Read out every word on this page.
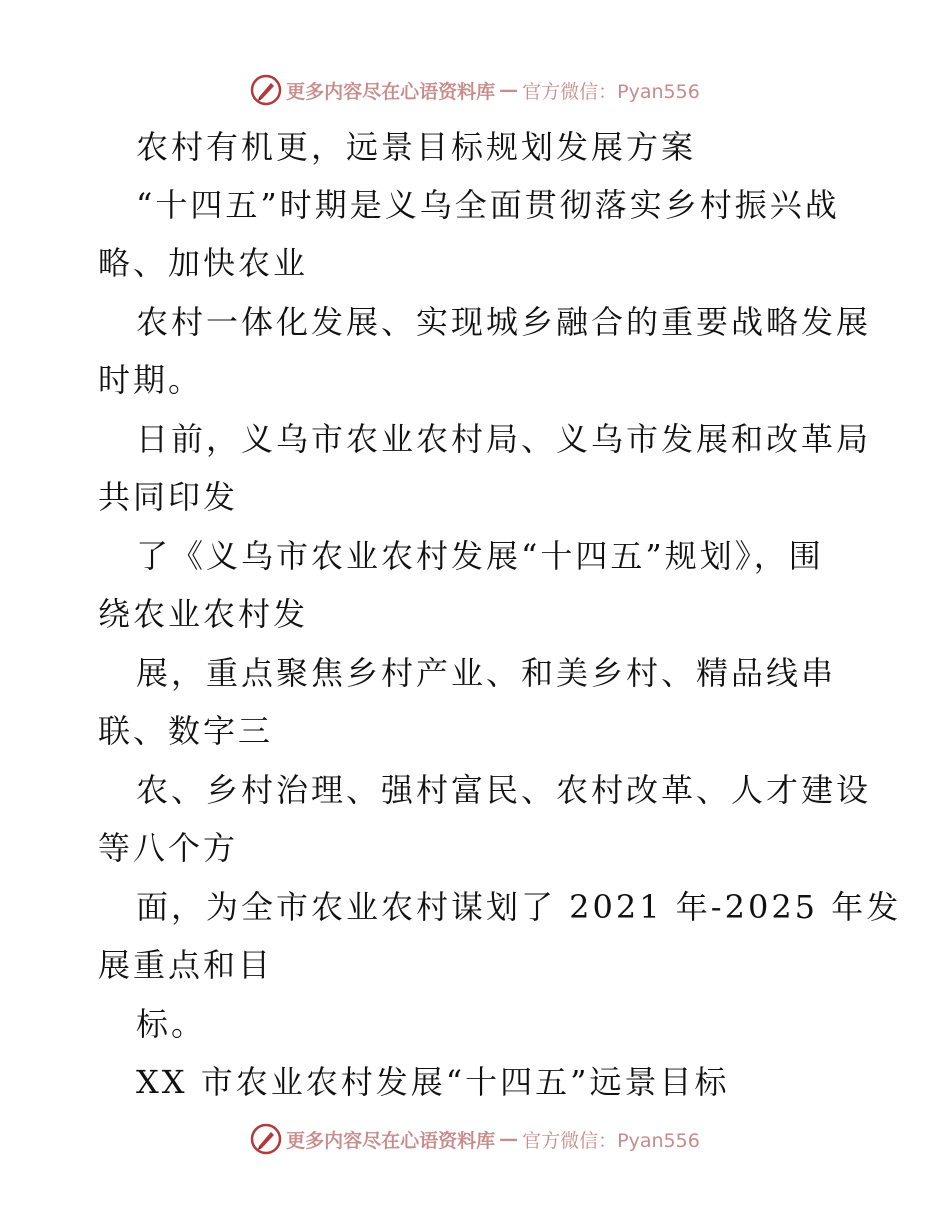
更多内容尽在心语资料库 — 官方微信：Pyan556
农村有机更，远景目标规划发展方案
“十四五”时期是义乌全面贯彻落实乡村振兴战
略、加快农业
农村一体化发展、实现城乡融合的重要战略发展
时期。
日前，义乌市农业农村局、义乌市发展和改革局
共同印发
了《义乌市农业农村发展“十四五”规划》，围
绕农业农村发
展，重点聚焦乡村产业、和美乡村、精品线串
联、数字三
农、乡村治理、强村富民、农村改革、人才建设
等八个方
面，为全市农业农村谋划了 2021 年-2025 年发
展重点和目
标。
XX 市农业农村发展“十四五”远景目标
更多内容尽在心语资料库 — 官方微信：Pyan556
